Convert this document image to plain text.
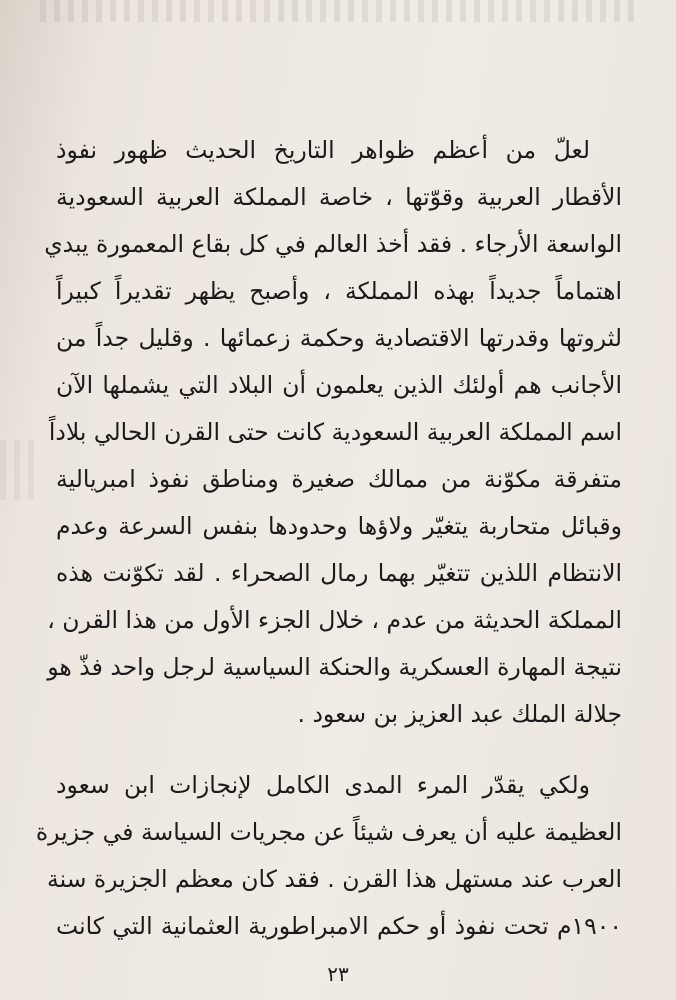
لعلّ من أعظم ظواهر التاريخ الحديث ظهور نفوذ
الأقطار العربية وقوّتها ، خاصة المملكة العربية السعودية
الواسعة الأرجاء . فقد أخذ العالم في كل بقاع المعمورة يبدي
اهتماماً جديداً بهذه المملكة ، وأصبح يظهر تقديراً كبيراً
لثروتها وقدرتها الاقتصادية وحكمة زعمائها . وقليل جداً من
الأجانب هم أولئك الذين يعلمون أن البلاد التي يشملها الآن
اسم المملكة العربية السعودية كانت حتى القرن الحالي بلاداً
متفرقة مكوّنة من ممالك صغيرة ومناطق نفوذ امبريالية
وقبائل متحاربة يتغيّر ولاؤها وحدودها بنفس السرعة وعدم
الانتظام اللذين تتغيّر بهما رمال الصحراء . لقد تكوّنت هذه
المملكة الحديثة من عدم ، خلال الجزء الأول من هذا القرن ،
نتيجة المهارة العسكرية والحنكة السياسية لرجل واحد فذّ هو
جلالة الملك عبد العزيز بن سعود .
ولكي يقدّر المرء المدى الكامل لإنجازات ابن سعود
العظيمة عليه أن يعرف شيئاً عن مجريات السياسة في جزيرة
العرب عند مستهل هذا القرن . فقد كان معظم الجزيرة سنة
١٩٠٠م تحت نفوذ أو حكم الامبراطورية العثمانية التي كانت
٢٣
